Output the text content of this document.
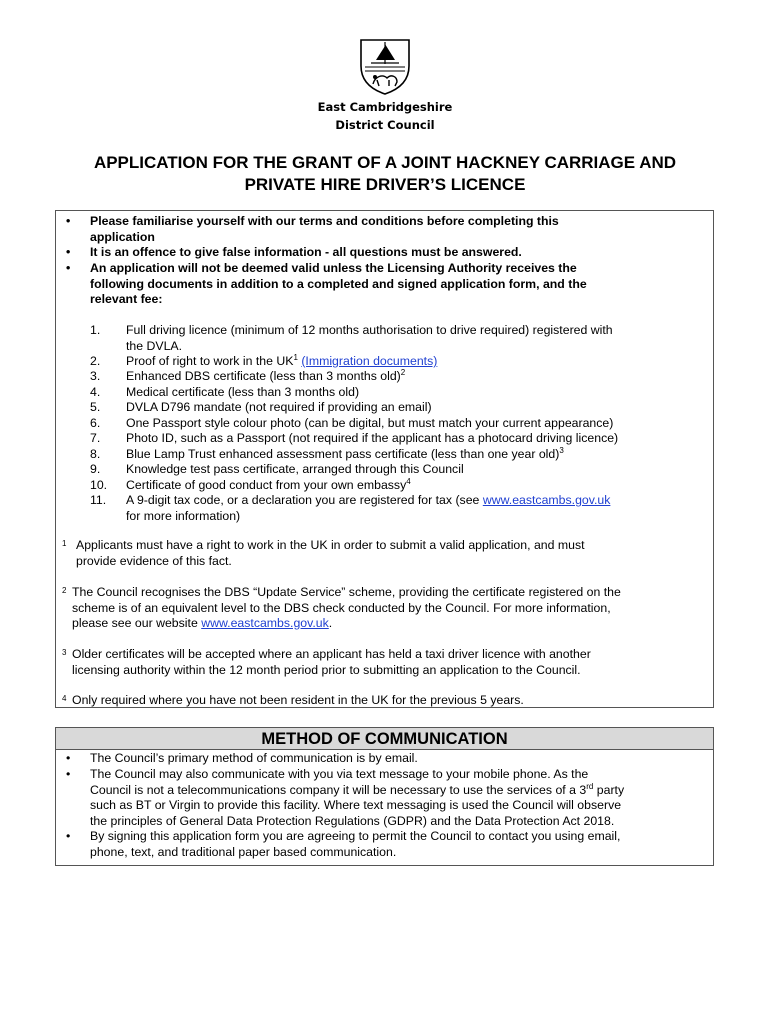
East Cambridgeshire
District Council
APPLICATION FOR THE GRANT OF A JOINT HACKNEY CARRIAGE AND
PRIVATE HIRE DRIVER’S LICENCE
• Please familiarise yourself with our terms and conditions before completing this
application
• It is an offence to give false information - all questions must be answered.
• An application will not be deemed valid unless the Licensing Authority receives the
following documents in addition to a completed and signed application form, and the
relevant fee:
1.	Full driving licence (minimum of 12 months authorisation to drive required) registered with
the DVLA.
2.	Proof of right to work in the $UK^1$ (Immigration documents)
3.	Enhanced DBS certificate (less than 3 months old)$^2$
4.	Medical certificate (less than 3 months old)
5.	DVLA D796 mandate (not required if providing an email)
6.	One Passport style colour photo (can be digital, but must match your current appearance)
7.	Photo ID, such as a Passport (not required if the applicant has a photocard driving licence)
8.	Blue Lamp Trust enhanced assessment pass certificate (less than one year old)$^3$
9.	Knowledge test pass certificate, arranged through this Council
10.	Certificate of good conduct from your own embassy$^4$
11.	A 9-digit tax code, or a declaration you are registered for tax (see www.eastcambs.gov.uk
for more information)
1 Applicants must have a right to work in the UK in order to submit a valid application, and must
provide evidence of this fact.
2 The Council recognises the DBS “Update Service” scheme, providing the certificate registered on the
scheme is of an equivalent level to the DBS check conducted by the Council. For more information,
please see our website www.eastcambs.gov.uk.
3 Older certificates will be accepted where an applicant has held a taxi driver licence with another
licensing authority within the 12 month period prior to submitting an application to the Council.
4 Only required where you have not been resident in the UK for the previous 5 years.
METHOD OF COMMUNICATION
• The Council’s primary method of communication is by email.
• The Council may also communicate with you via text message to your mobile phone. As the
Council is not a telecommunications company it will be necessary to use the services of a 3rd party
such as BT or Virgin to provide this facility. Where text messaging is used the Council will observe
the principles of General Data Protection Regulations (GDPR) and the Data Protection Act 2018.
• By signing this application form you are agreeing to permit the Council to contact you using email,
phone, text, and traditional paper based communication.
